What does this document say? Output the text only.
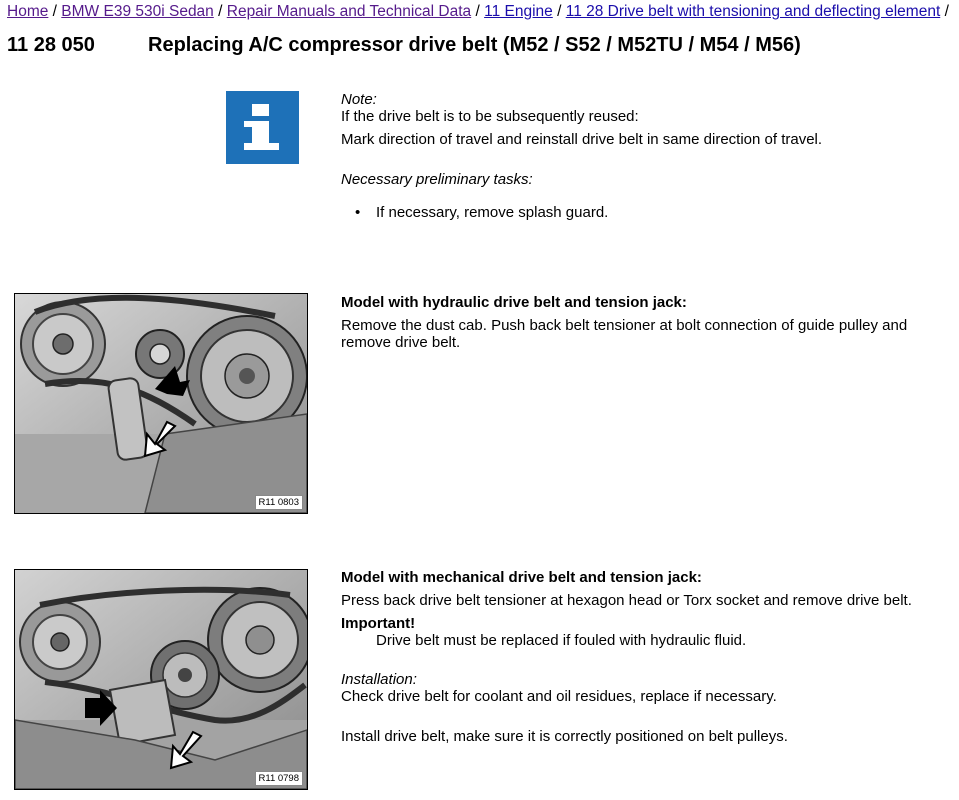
Home / BMW E39 530i Sedan / Repair Manuals and Technical Data / 11 Engine / 11 28 Drive belt with tensioning and deflecting element /
11 28 050	Replacing A/C compressor drive belt (M52 / S52 / M52TU / M54 / M56)
Note:
If the drive belt is to be subsequently reused:
Mark direction of travel and reinstall drive belt in same direction of travel.
Necessary preliminary tasks:
• If necessary, remove splash guard.
R11 0803
Model with hydraulic drive belt and tension jack:
Remove the dust cab. Push back belt tensioner at bolt connection of guide pulley and remove drive belt.
R11 0798
Model with mechanical drive belt and tension jack:
Press back drive belt tensioner at hexagon head or Torx socket and remove drive belt.
Important!
Drive belt must be replaced if fouled with hydraulic fluid.
Installation:
Check drive belt for coolant and oil residues, replace if necessary.
Install drive belt, make sure it is correctly positioned on belt pulleys.
